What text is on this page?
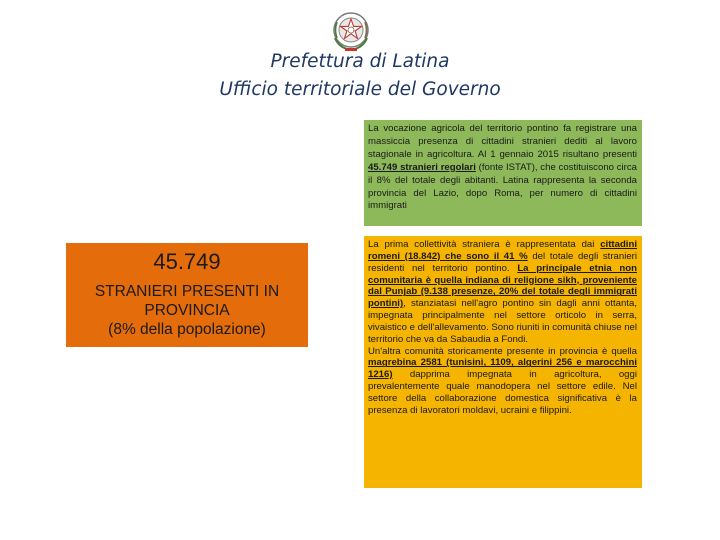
Prefettura di Latina
Ufficio territoriale del Governo
La vocazione agricola del territorio pontino fa registrare una massiccia presenza di cittadini stranieri dediti al lavoro stagionale in agricoltura. Al 1 gennaio 2015 risultano presenti 45.749 stranieri regolari (fonte ISTAT), che costituiscono circa il 8% del totale degli abitanti. Latina rappresenta la seconda provincia del Lazio, dopo Roma, per numero di cittadini immigrati
45.749
STRANIERI PRESENTI IN
PROVINCIA
(8% della popolazione)

La prima collettività straniera è rappresentata dai cittadini romeni (18.842) che sono il 41 % del totale degli stranieri residenti nel territorio pontino. La principale etnia non comunitaria è quella indiana di religione sikh, proveniente dal Punjab (9.138 presenze, 20% del totale degli immigrati pontini), stanziatasi nell'agro pontino sin dagli anni ottanta, impegnata principalmente nel settore orticolo in serra, vivaistico e dell'allevamento. Sono riuniti in comunità chiuse nel territorio che va da Sabaudia a Fondi.

Un'altra comunità storicamente presente in provincia è quella magrebina 2581 (tunisini, 1109, algerini 256 e marocchini 1216) dapprima impegnata in agricoltura, oggi prevalentemente quale manodopera nel settore edile. Nel settore della collaborazione domestica significativa è la presenza di lavoratori moldavi, ucraini e filippini.
